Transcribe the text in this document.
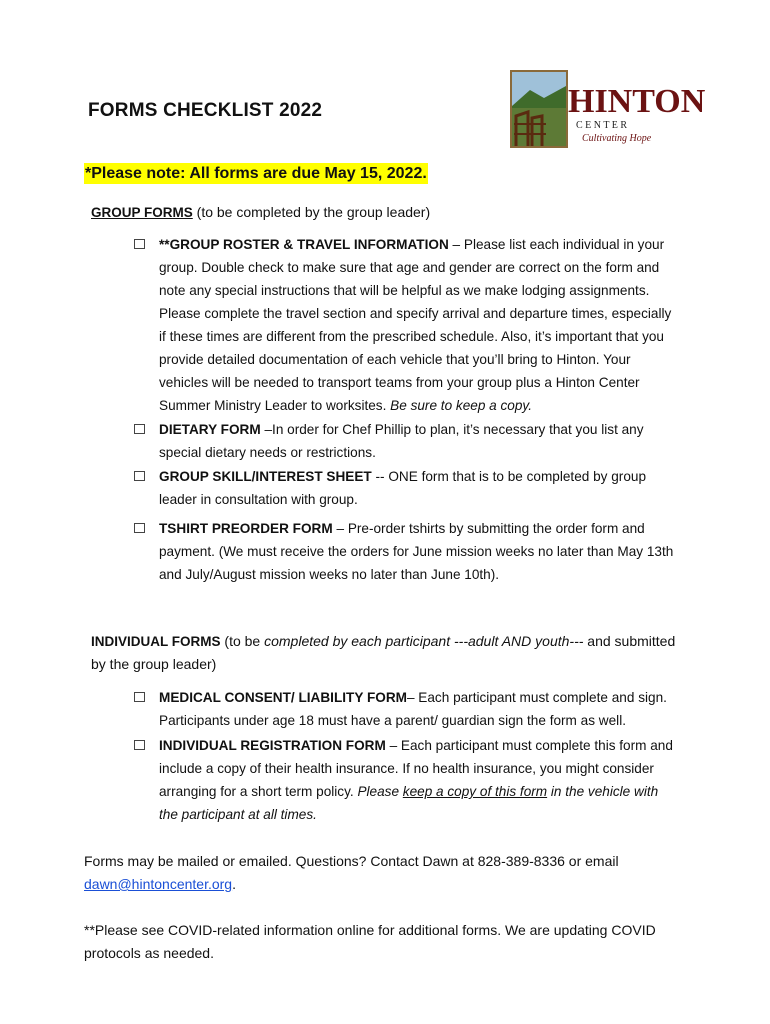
FORMS CHECKLIST 2022	HINTON
C E N T E R
Cultivating Hope
*Please note: All forms are due May 15, 2022.
GROUP FORMS (to be completed by the group leader)
**GROUP ROSTER & TRAVEL INFORMATION – Please list each individual in your group. Double check to make sure that age and gender are correct on the form and note any special instructions that will be helpful as we make lodging assignments. Please complete the travel section and specify arrival and departure times, especially if these times are different from the prescribed schedule. Also, it’s important that you provide detailed documentation of each vehicle that you’ll bring to Hinton. Your vehicles will be needed to transport teams from your group plus a Hinton Center Summer Ministry Leader to worksites. Be sure to keep a copy.
DIETARY FORM –In order for Chef Phillip to plan, it’s necessary that you list any special dietary needs or restrictions.
GROUP SKILL/INTEREST SHEET -- ONE form that is to be completed by group leader in consultation with group.
TSHIRT PREORDER FORM – Pre-order tshirts by submitting the order form and payment. (We must receive the orders for June mission weeks no later than May 13th and July/August mission weeks no later than June 10th).
INDIVIDUAL FORMS (to be completed by each participant ---adult AND youth--- and submitted by the group leader)
MEDICAL CONSENT/ LIABILITY FORM– Each participant must complete and sign. Participants under age 18 must have a parent/ guardian sign the form as well.
INDIVIDUAL REGISTRATION FORM – Each participant must complete this form and include a copy of their health insurance. If no health insurance, you might consider arranging for a short term policy. Please keep a copy of this form in the vehicle with the participant at all times.
Forms may be mailed or emailed. Questions? Contact Dawn at 828-389-8336 or email dawn@hintoncenter.org.
**Please see COVID-related information online for additional forms. We are updating COVID protocols as needed.
